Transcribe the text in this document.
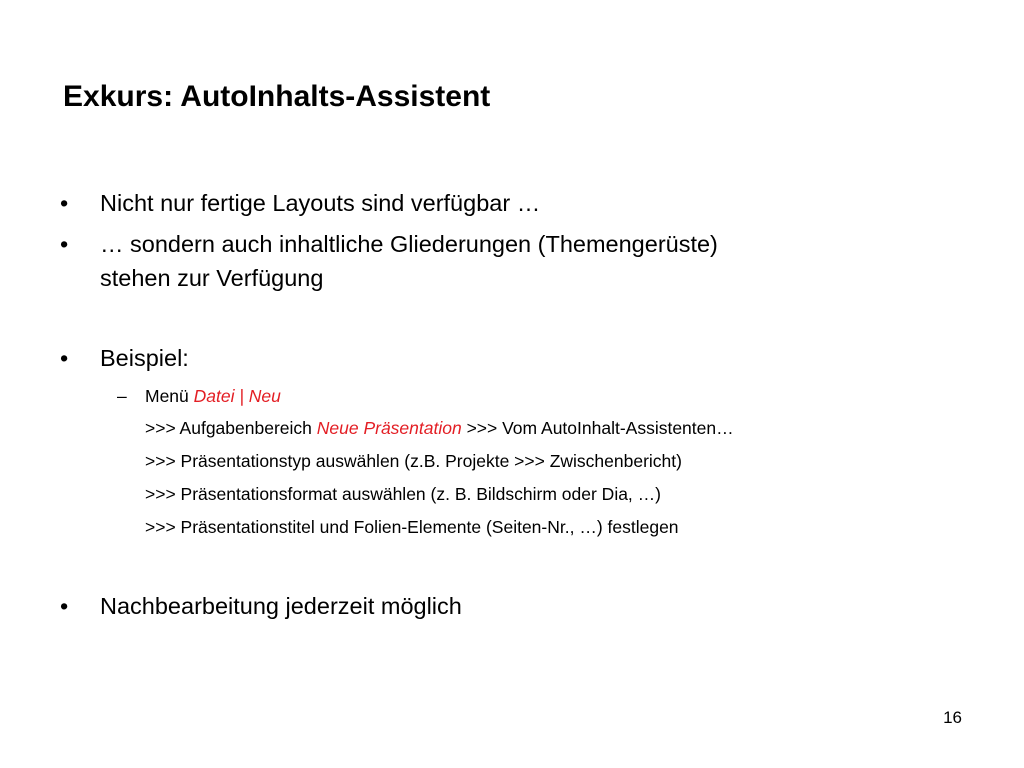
Exkurs: AutoInhalts-Assistent
• Nicht nur fertige Layouts sind verfügbar …
• … sondern auch inhaltliche Gliederungen (Themengerüste)
stehen zur Verfügung
• Beispiel:
– Menü Datei | Neu
>>> Aufgabenbereich Neue Präsentation >>> Vom AutoInhalt-Assistenten…
>>> Präsentationstyp auswählen (z.B. Projekte >>> Zwischenbericht)
>>> Präsentationsformat auswählen (z. B. Bildschirm oder Dia, …)
>>> Präsentationstitel und Folien-Elemente (Seiten-Nr., …) festlegen
• Nachbearbeitung jederzeit möglich
16
